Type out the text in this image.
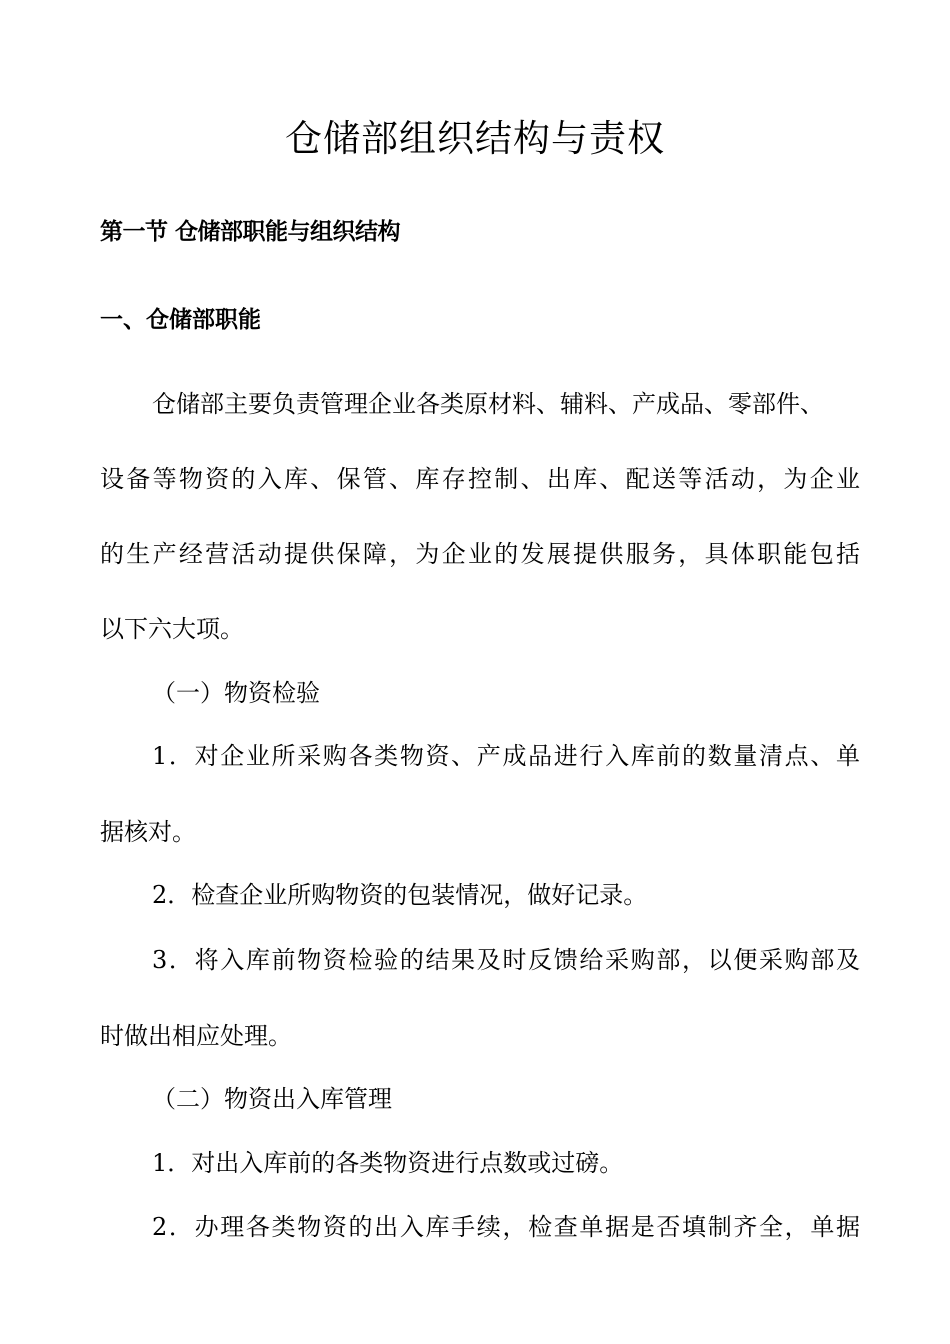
仓储部组织结构与责权
第一节 仓储部职能与组织结构
一、仓储部职能
仓储部主要负责管理企业各类原材料、辅料、产成品、零部件、
设备等物资的入库、保管、库存控制、出库、配送等活动，为企业
的生产经营活动提供保障，为企业的发展提供服务，具体职能包括
以下六大项。
（一）物资检验
1．对企业所采购各类物资、产成品进行入库前的数量清点、单
据核对。
2．检查企业所购物资的包装情况，做好记录。
3．将入库前物资检验的结果及时反馈给采购部，以便采购部及
时做出相应处理。
（二）物资出入库管理
1．对出入库前的各类物资进行点数或过磅。
2．办理各类物资的出入库手续，检查单据是否填制齐全，单据
